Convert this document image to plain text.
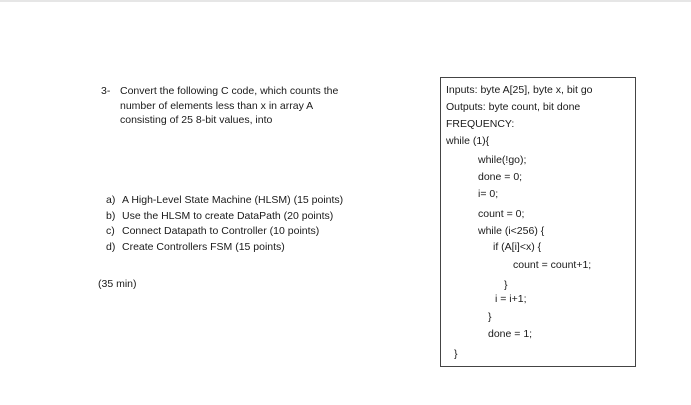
3- Convert the following C code, which counts the
number of elements less than x in array A
consisting of 25 8-bit values, into
a) A High-Level State Machine (HLSM) (15 points)
b) Use the HLSM to create DataPath (20 points)
c) Connect Datapath to Controller (10 points)
d) Create Controllers FSM (15 points)
(35 min)
Inputs: byte A[25], byte x, bit go
Outputs: byte count, bit done
FREQUENCY:
while (1){
while(!go);
done = 0;
i= 0;
count = 0;
while (i<256) {
if (A[i]<x) {
count = count+1;
}
i = i+1;
}
done = 1;
}
